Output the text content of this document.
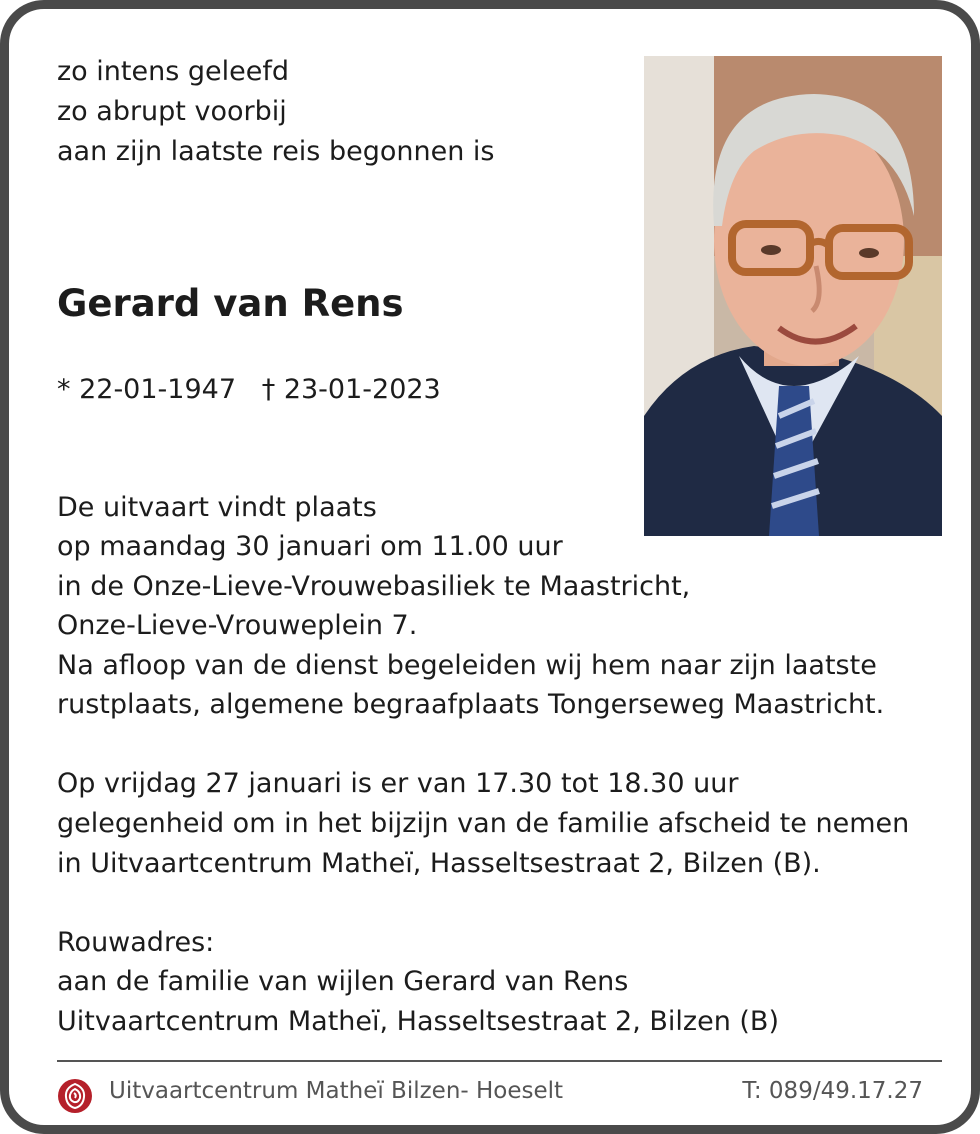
zo intens geleefd
zo abrupt voorbij
aan zijn laatste reis begonnen is
Gerard van Rens
* 22-01-1947   † 23-01-2023
De uitvaart vindt plaats
op maandag 30 januari om 11.00 uur
in de Onze-Lieve-Vrouwebasiliek te Maastricht,
Onze-Lieve-Vrouweplein 7.
Na afloop van de dienst begeleiden wij hem naar zijn laatste
rustplaats, algemene begraafplaats Tongerseweg Maastricht.
Op vrijdag 27 januari is er van 17.30 tot 18.30 uur
gelegenheid om in het bijzijn van de familie afscheid te nemen
in Uitvaartcentrum Matheï, Hasseltsestraat 2, Bilzen (B).
Rouwadres:
aan de familie van wijlen Gerard van Rens
Uitvaartcentrum Matheï, Hasseltsestraat 2, Bilzen (B)
Uitvaartcentrum Matheï Bilzen- Hoeselt	T: 089/49.17.27
